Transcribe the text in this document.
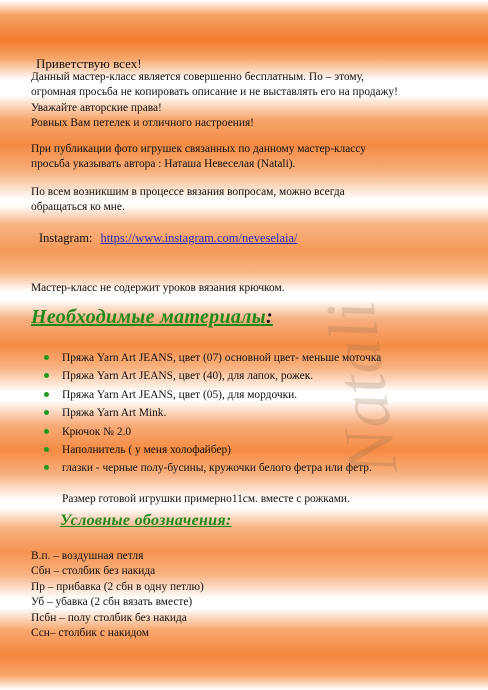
Приветствую всех!
Данный мастер-класс является совершенно бесплатным. По – этому,
огромная просьба не копировать описание и не выставлять его на продажу!
Уважайте авторские права!
Ровных Вам петелек и отличного настроения!
При публикации фото игрушек связанных по данному мастер-классу
просьба указывать автора : Наташа Невеселая (Natali).
По всем возникшим в процессе вязания вопросам, можно всегда
обращаться ко мне.
Instagram: https://www.instagram.com/neveselaia/
Мастер-класс не содержит уроков вязания крючком.
Необходимые материалы:
Пряжа Yarn Art JEANS, цвет (07) основной цвет- меньше моточка
Пряжа Yarn Art JEANS, цвет (40), для лапок, рожек.
Пряжа Yarn Art JEANS, цвет (05), для мордочки.
Пряжа Yarn Art Mink.
Крючок № 2.0
Наполнитель ( у меня холофайбер)
глазки - черные полу-бусины, кружочки белого фетра или фетр.
Размер готовой игрушки примерно11см. вместе с рожками.
Условные обозначения:
В.п. – воздушная петля
Сбн – столбик без накида
Пр – прибавка (2 сбн в одну петлю)
Уб – убавка (2 сбн вязать вместе)
Псбн – полу столбик без накида
Ссн– столбик с накидом
Natali
